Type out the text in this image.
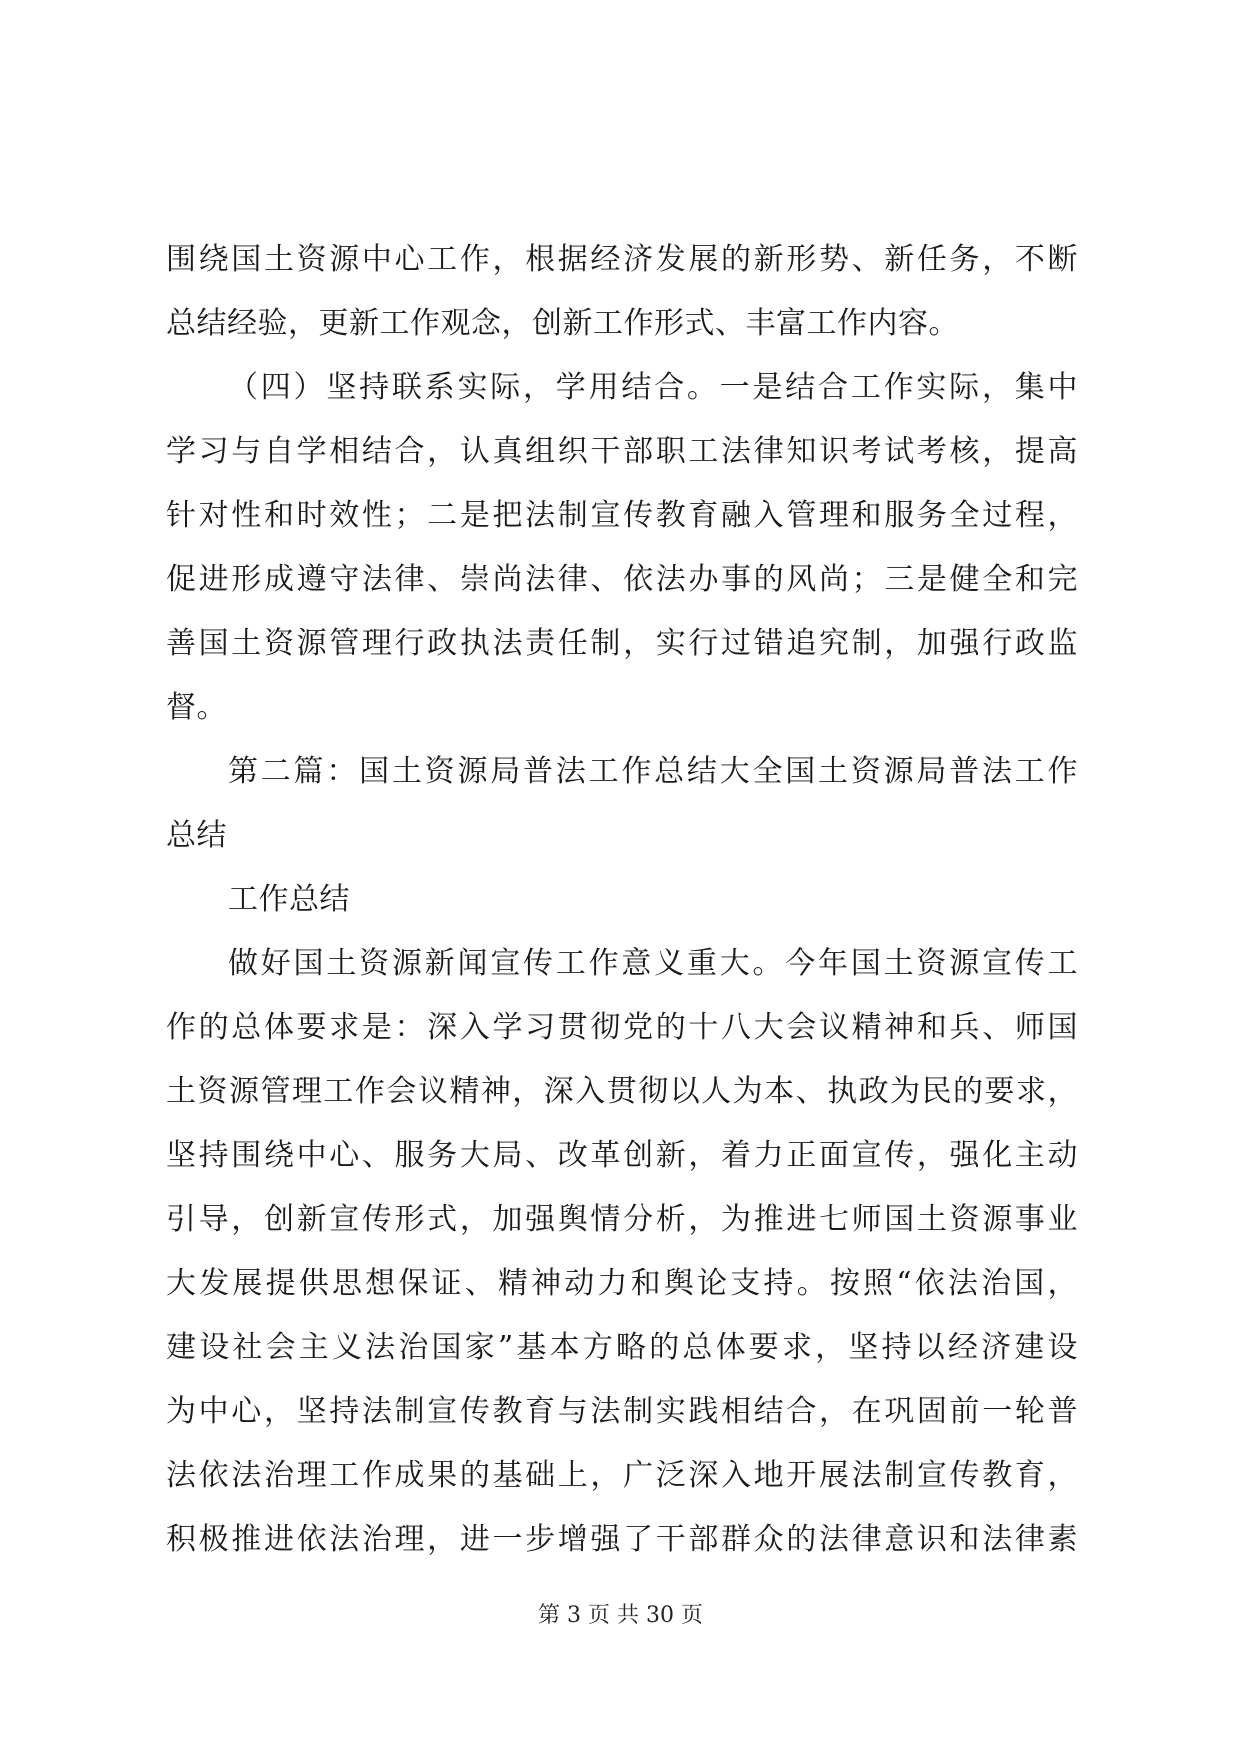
围绕国土资源中心工作，根据经济发展的新形势、新任务，不断
总结经验，更新工作观念，创新工作形式、丰富工作内容。
（四）坚持联系实际，学用结合。一是结合工作实际，集中
学习与自学相结合，认真组织干部职工法律知识考试考核，提高
针对性和时效性；二是把法制宣传教育融入管理和服务全过程，
促进形成遵守法律、崇尚法律、依法办事的风尚；三是健全和完
善国土资源管理行政执法责任制，实行过错追究制，加强行政监
督。
第二篇：国土资源局普法工作总结大全国土资源局普法工作
总结
工作总结
做好国土资源新闻宣传工作意义重大。今年国土资源宣传工
作的总体要求是：深入学习贯彻党的十八大会议精神和兵、师国
土资源管理工作会议精神，深入贯彻以人为本、执政为民的要求，
坚持围绕中心、服务大局、改革创新，着力正面宣传，强化主动
引导，创新宣传形式，加强舆情分析，为推进七师国土资源事业
大发展提供思想保证、精神动力和舆论支持。按照“依法治国，
建设社会主义法治国家”基本方略的总体要求，坚持以经济建设
为中心，坚持法制宣传教育与法制实践相结合，在巩固前一轮普
法依法治理工作成果的基础上，广泛深入地开展法制宣传教育，
积极推进依法治理，进一步增强了干部群众的法律意识和法律素
第 3 页 共 30 页
